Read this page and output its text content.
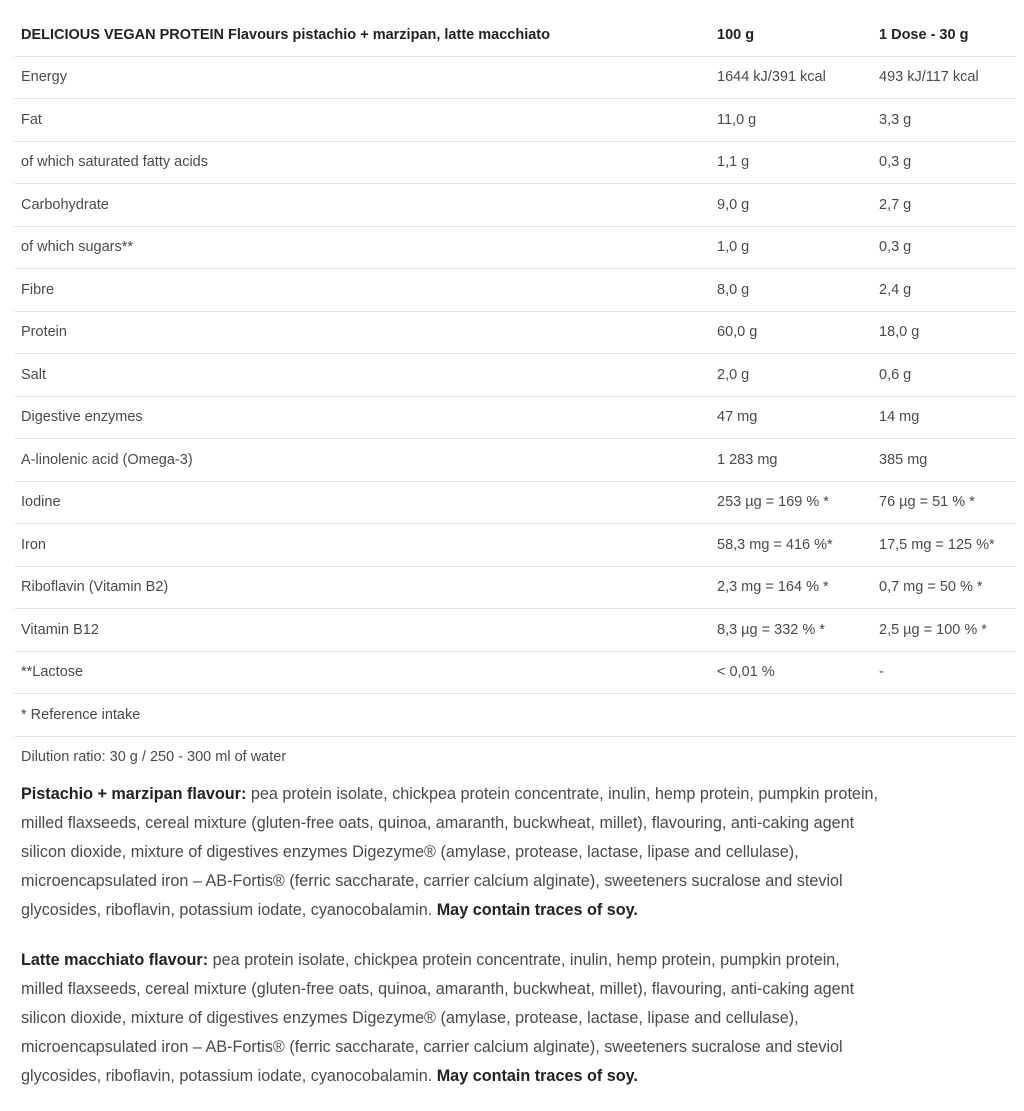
DELICIOUS VEGAN PROTEIN Flavours pistachio + marzipan, latte macchiato	100 g	1 Dose - 30 g
Energy	1644 kJ/391 kcal	493 kJ/117 kcal
Fat	11,0 g	3,3 g
of which saturated fatty acids	1,1 g	0,3 g
Carbohydrate	9,0 g	2,7 g
of which sugars**	1,0 g	0,3 g
Fibre	8,0 g	2,4 g
Protein	60,0 g	18,0 g
Salt	2,0 g	0,6 g
Digestive enzymes	47 mg	14 mg
A-linolenic acid (Omega-3)	1 283 mg	385 mg
Iodine	253 µg = 169 % *	76 µg = 51 % *
Iron	58,3 mg = 416 %*	17,5 mg = 125 %*
Riboflavin (Vitamin B2)	2,3 mg = 164 % *	0,7 mg = 50 % *
Vitamin B12	8,3 µg = 332 % *	2,5 µg = 100 % *
**Lactose	< 0,01 %	-
* Reference intake		
Dilution ratio: 30 g / 250 - 300 ml of water		
Pistachio + marzipan flavour: pea protein isolate, chickpea protein concentrate, inulin, hemp protein, pumpkin protein,
milled flaxseeds, cereal mixture (gluten-free oats, quinoa, amaranth, buckwheat, millet), flavouring, anti-caking agent
silicon dioxide, mixture of digestives enzymes Digezyme® (amylase, protease, lactase, lipase and cellulase),
microencapsulated iron – AB-Fortis® (ferric saccharate, carrier calcium alginate), sweeteners sucralose and steviol
glycosides, riboflavin, potassium iodate, cyanocobalamin. May contain traces of soy.
Latte macchiato flavour: pea protein isolate, chickpea protein concentrate, inulin, hemp protein, pumpkin protein,
milled flaxseeds, cereal mixture (gluten-free oats, quinoa, amaranth, buckwheat, millet), flavouring, anti-caking agent
silicon dioxide, mixture of digestives enzymes Digezyme® (amylase, protease, lactase, lipase and cellulase),
microencapsulated iron – AB-Fortis® (ferric saccharate, carrier calcium alginate), sweeteners sucralose and steviol
glycosides, riboflavin, potassium iodate, cyanocobalamin. May contain traces of soy.
